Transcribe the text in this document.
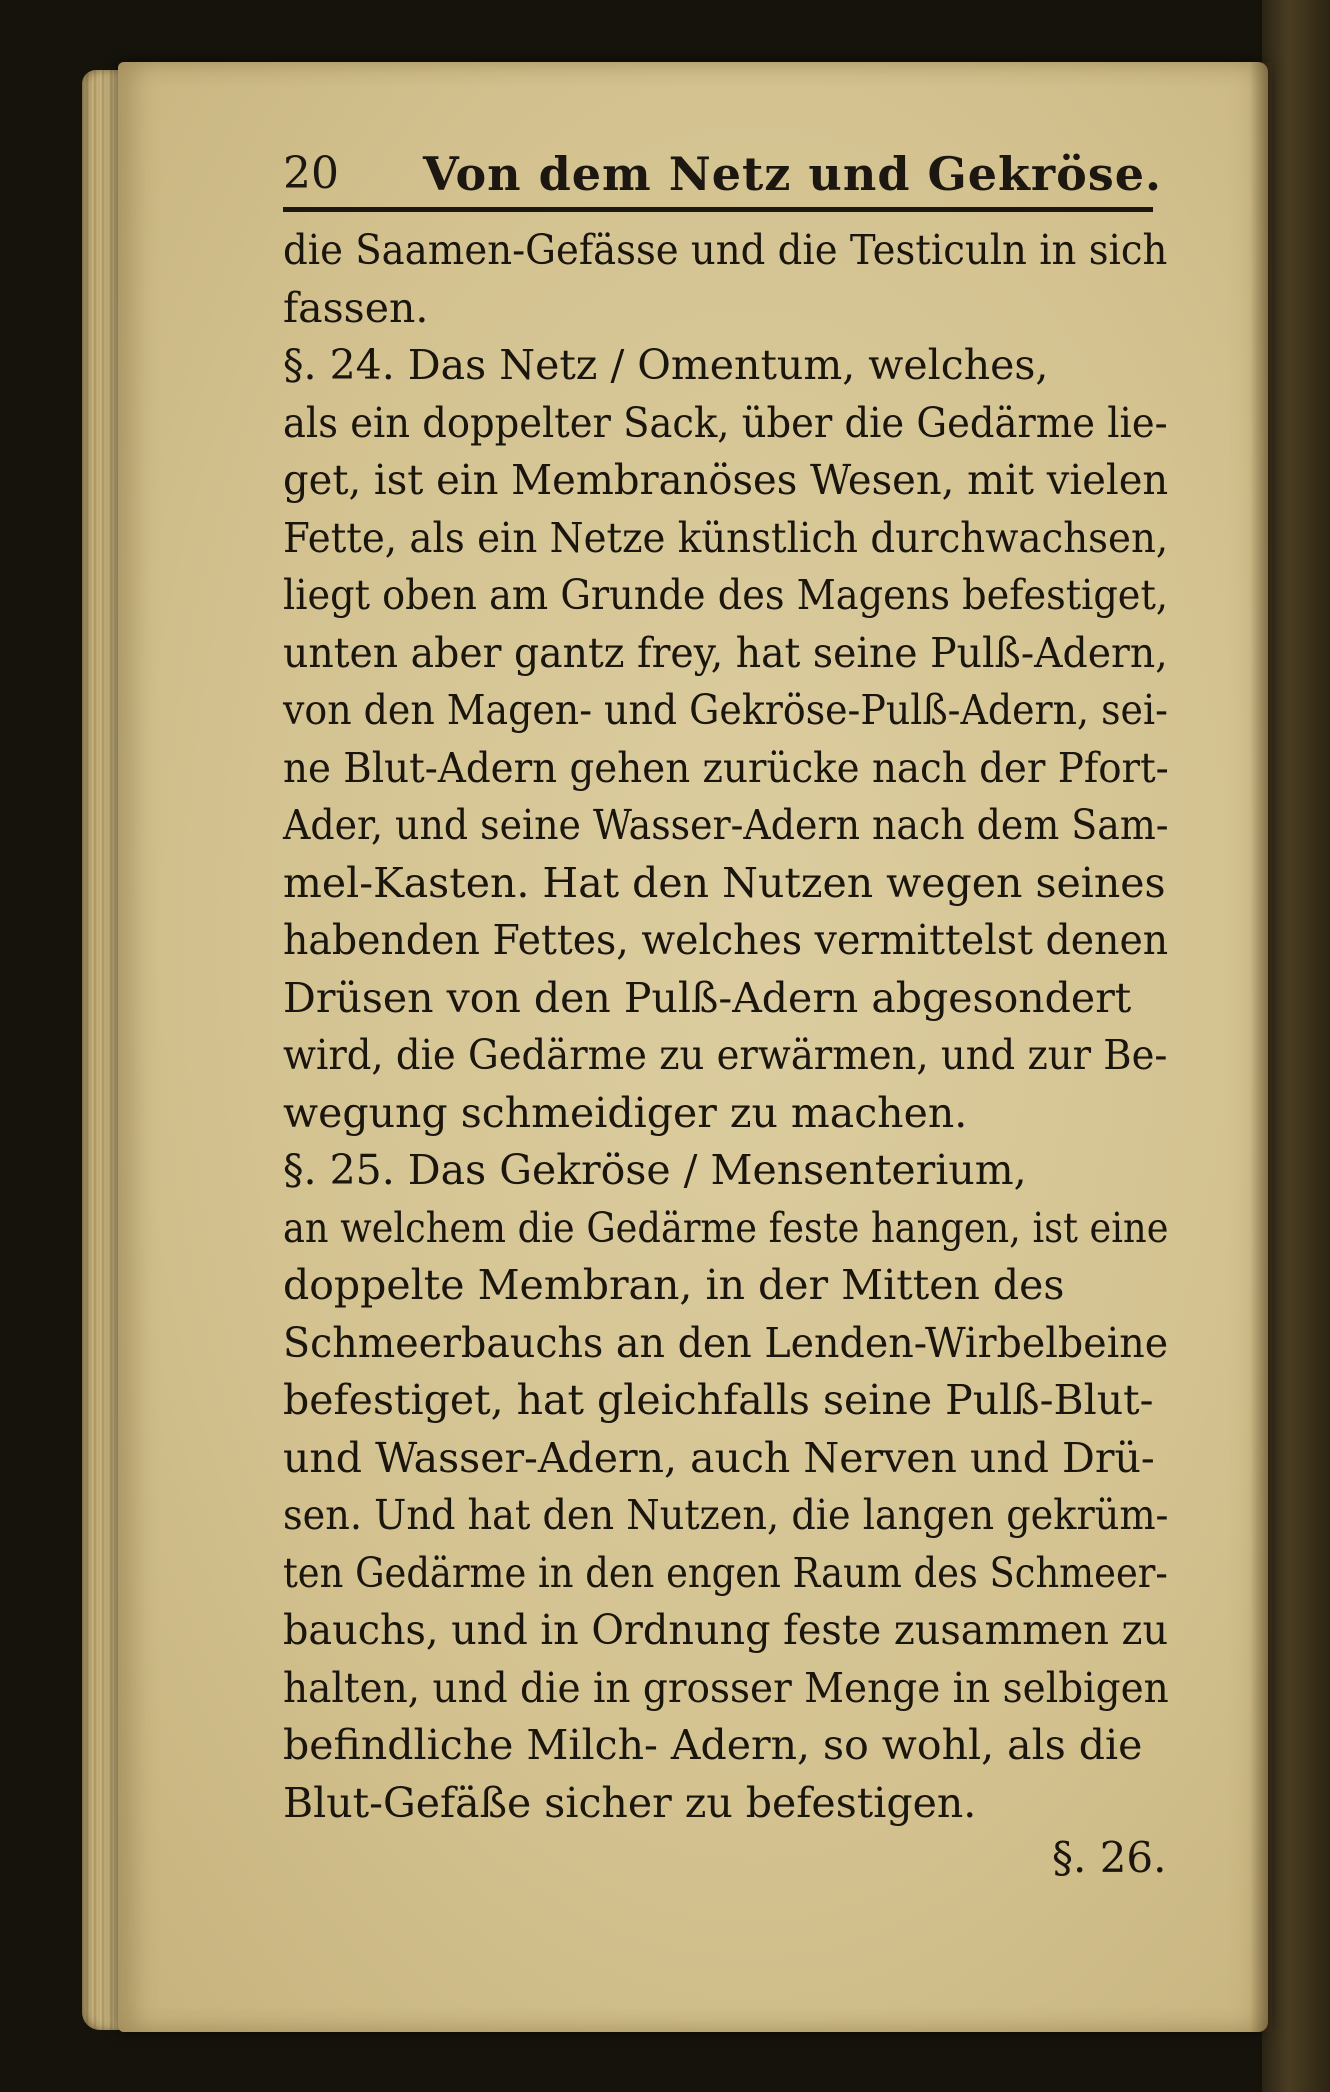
20 Von dem Netz und Gekröse.
die Saamen-Gefässe und die Testiculn in sich
fassen.
§. 24. Das Netz / Omentum, welches,
als ein doppelter Sack, über die Gedärme lie-
get, ist ein Membranöses Wesen, mit vielen
Fette, als ein Netze künstlich durchwachsen,
liegt oben am Grunde des Magens befestiget,
unten aber gantz frey, hat seine Pulß-Adern,
von den Magen- und Gekröse-Pulß-Adern, sei-
ne Blut-Adern gehen zurücke nach der Pfort-
Ader, und seine Wasser-Adern nach dem Sam-
mel-Kasten. Hat den Nutzen wegen seines
habenden Fettes, welches vermittelst denen
Drüsen von den Pulß-Adern abgesondert
wird, die Gedärme zu erwärmen, und zur Be-
wegung schmeidiger zu machen.
§. 25. Das Gekröse / Mensenterium,
an welchem die Gedärme feste hangen, ist eine
doppelte Membran, in der Mitten des
Schmeerbauchs an den Lenden-Wirbelbeine
befestiget, hat gleichfalls seine Pulß-Blut-
und Wasser-Adern, auch Nerven und Drü-
sen. Und hat den Nutzen, die langen gekrüm-
ten Gedärme in den engen Raum des Schmeer-
bauchs, und in Ordnung feste zusammen zu
halten, und die in grosser Menge in selbigen
befindliche Milch- Adern, so wohl, als die
Blut-Gefäße sicher zu befestigen.
§. 26.
